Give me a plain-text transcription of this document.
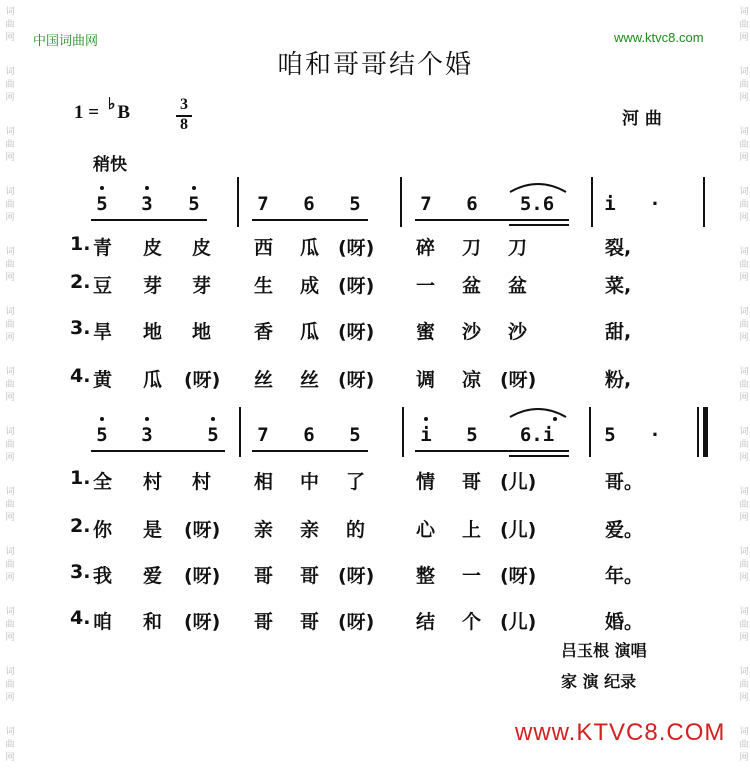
词
曲
网
词
曲
网
词
曲
网
词
曲
网
词
曲
网
词
曲
网
词
曲
网
词
曲
网
词
曲
网
词
曲
网
词
曲
网
词
曲
网
词
曲
网
词
曲
网
词
曲
网
词
曲
网
词
曲
网
词
曲
网
词
曲
网
词
曲
网
词
曲
网
词
曲
网
词
曲
网
词
曲
网
词
曲
网
词
曲
网
中国词曲网	www.ktvc8.com
咱和哥哥结个婚
1 = ♭ B	3
8	河 曲
稍快
5 3 5	7 6 5	7 6	5.6	i ·
1. 青 皮 皮 西 瓜 (呀) 碎 刀 刀	裂,
2. 豆 芽 芽 生 成 (呀) 一 盆 盆	菜,
3. 旱 地 地 香 瓜 (呀) 蜜 沙 沙	甜,
4. 黄 瓜 (呀) 丝 丝 (呀) 调 凉 (呀)	粉,
5 3	5 7 6 5	i 5	6.i	5 ·
1. 全 村 村 相 中 了	情 哥 (儿)	哥。
2. 你 是 (呀) 亲 亲 的	心 上 (儿)	爱。
3. 我 爱 (呀) 哥 哥 (呀) 整 一 (呀)	年。
4. 咱 和 (呀) 哥 哥 (呀) 结 个 (儿)	婚。
吕玉根 演唱
家 演 纪录
www.KTVC8.COM
